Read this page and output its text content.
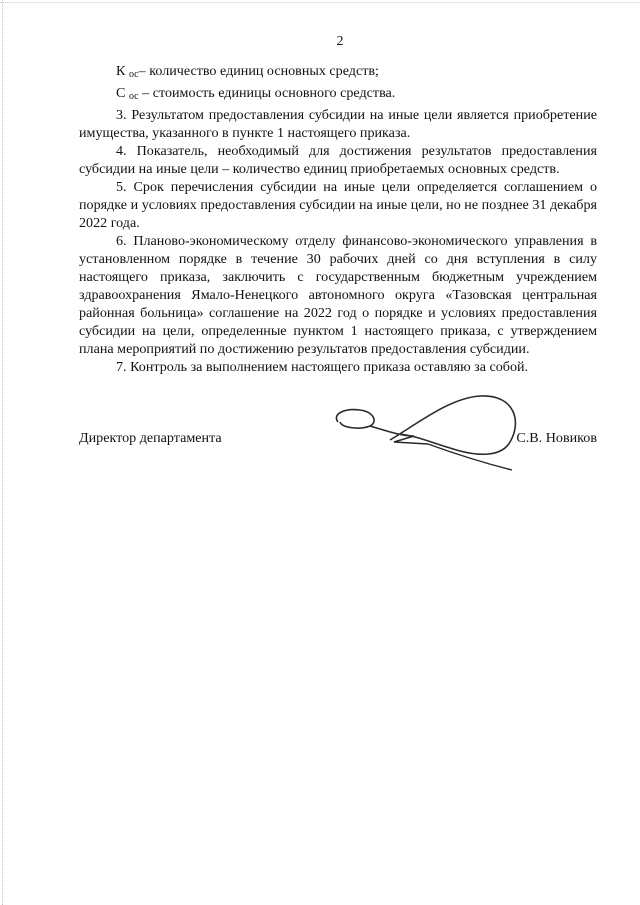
2

К $_{ос}$– количество единиц основных средств;

С $_{ос}$ – стоимость единицы основного средства.

3. Результатом предоставления субсидии на иные цели является приобретение имущества, указанного в пункте 1 настоящего приказа.

4. Показатель, необходимый для достижения результатов предоставления субсидии на иные цели – количество единиц приобретаемых основных средств.

5. Срок перечисления субсидии на иные цели определяется соглашением о порядке и условиях предоставления субсидии на иные цели, но не позднее 31 декабря 2022 года.

6. Планово-экономическому отделу финансово-экономического управления в установленном порядке в течение 30 рабочих дней со дня вступления в силу настоящего приказа, заключить с государственным бюджетным учреждением здравоохранения Ямало-Ненецкого автономного округа «Тазовская центральная районная больница» соглашение на 2022 год о порядке и условиях предоставления субсидии на цели, определенные пунктом 1 настоящего приказа, с утверждением плана мероприятий по достижению результатов предоставления субсидии.

7. Контроль за выполнением настоящего приказа оставляю за собой.

Директор департамента	С.В. Новиков
